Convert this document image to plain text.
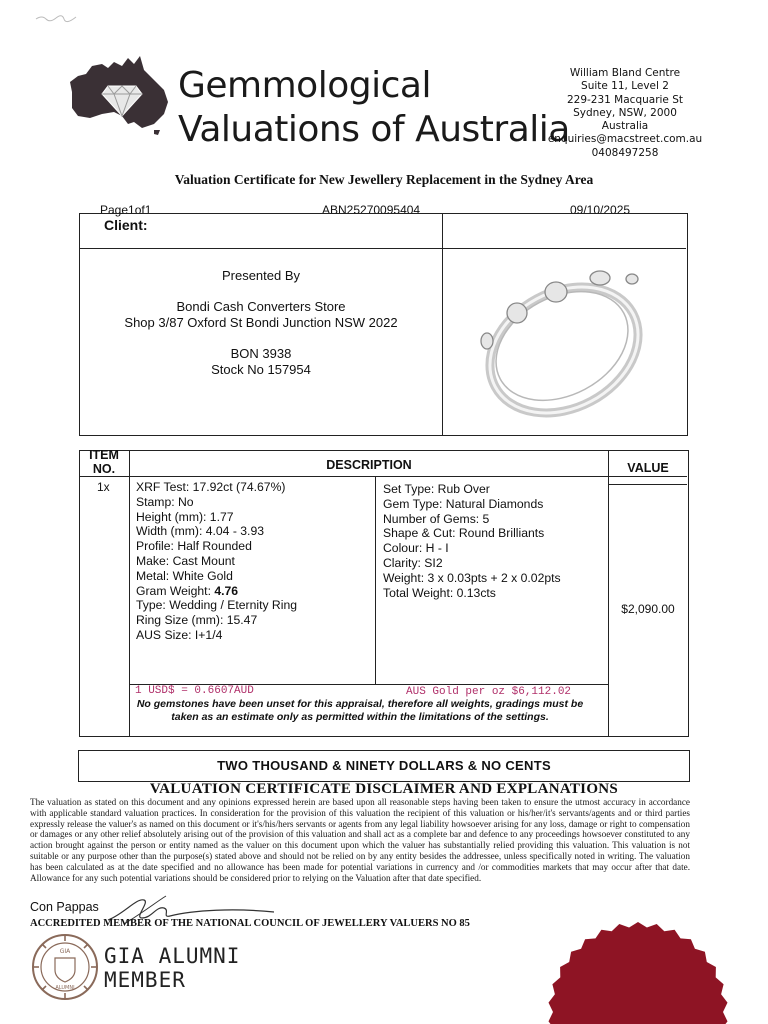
Gemmological
Valuations of Australia
William Bland Centre
Suite 11, Level 2
229-231 Macquarie St
Sydney, NSW, 2000
Australia
enquiries@macstreet.com.au
0408497258
Valuation Certificate for New Jewellery Replacement in the Sydney Area
Page1of1	ABN25270095404	09/10/2025
Client:
Presented By
Bondi Cash Converters Store
Shop 3/87 Oxford St Bondi Junction NSW 2022
BON 3938
Stock No 157954
ITEM
NO.	DESCRIPTION	VALUE
1x XRF Test: 17.92ct (74.67%)
Stamp: No
Height (mm): 1.77
Width (mm): 4.04 - 3.93
Profile: Half Rounded
Make: Cast Mount
Metal: White Gold
Gram Weight: 4.76
Type: Wedding / Eternity Ring
Ring Size (mm): 15.47
AUS Size: I+1/4
Set Type: Rub Over
Gem Type: Natural Diamonds
Number of Gems: 5
Shape & Cut: Round Brilliants
Colour: H - I
Clarity: SI2
Weight: 3 x 0.03pts + 2 x 0.02pts
Total Weight: 0.13cts
$2,090.00
1 USD$ = 0.6607AUD	AUS Gold per oz $6,112.02
No gemstones have been unset for this appraisal, therefore all weights, gradings must be
taken as an estimate only as permitted within the limitations of the settings.
TWO THOUSAND & NINETY DOLLARS & NO CENTS
VALUATION CERTIFICATE DISCLAIMER AND EXPLANATIONS
The valuation as stated on this document and any opinions expressed herein are based upon all reasonable steps having been taken to ensure the utmost accuracy in accordance with applicable standard valuation practices. In consideration for the provision of this valuation the recipient of this valuation or his/her/it's servants/agents and or third parties expressly release the valuer's as named on this document or it's/his/hers servants or agents from any legal liability howsoever arising for any loss, damage or right to compensation or damages or any other relief absolutely arising out of the provision of this valuation and shall act as a complete bar and defence to any proceedings howsoever constituted to any action brought against the person or entity named as the valuer on this document upon which the valuer has substantially relied providing this valuation. This valuation is not suitable or any purpose other than the purpose(s) stated above and should not be relied on by any entity besides the addressee, unless specifically noted in writing. The valuation has been calculated as at the date specified and no allowance has been made for potential variations in currency and /or commodities markets that may occur after that date. Allowance for any such potential variations should be considered prior to relying on the Valuation after that date specified.
Con Pappas
ACCREDITED MEMBER OF THE NATIONAL COUNCIL OF JEWELLERY VALUERS NO 85
GIA
ALUMNI
GIA ALUMNI
MEMBER
